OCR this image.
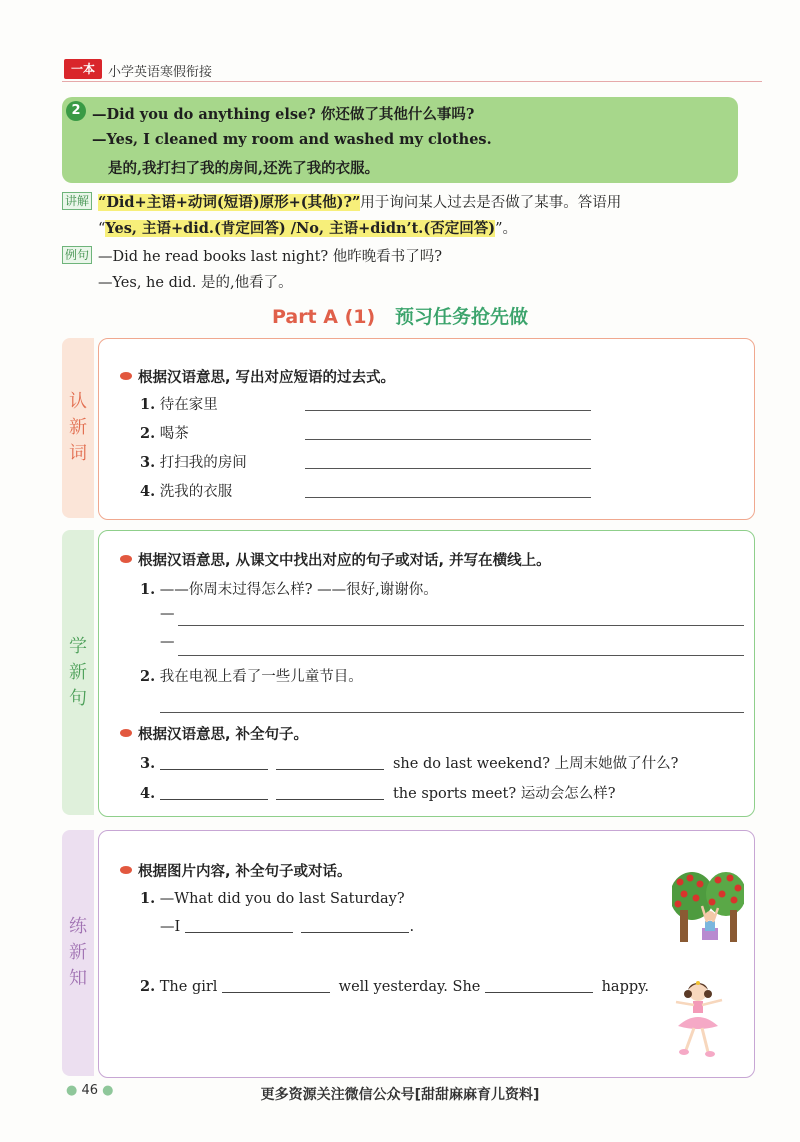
一本	小学英语寒假衔接
2 —Did you do anything else? 你还做了其他什么事吗?
—Yes, I cleaned my room and washed my clothes.
是的,我打扫了我的房间,还洗了我的衣服。
讲解 “Did+主语+动词(短语)原形+(其他)?”用于询问某人过去是否做了某事。答语用
“Yes, 主语+did.(肯定回答) /No, 主语+didn’t.(否定回答)”。
例句 —Did he read books last night? 他昨晚看书了吗?
—Yes, he did. 是的,他看了。
Part A (1) 预习任务抢先做
认新词
根据汉语意思, 写出对应短语的过去式。
1. 待在家里
2. 喝茶
3. 打扫我的房间
4. 洗我的衣服
学新句
根据汉语意思, 从课文中找出对应的句子或对话, 并写在横线上。
1. ——你周末过得怎么样? ——很好,谢谢你。
—
—
2. 我在电视上看了一些儿童节目。
根据汉语意思, 补全句子。
3.	she do last weekend? 上周末她做了什么?
4.	the sports meet? 运动会怎么样?
练新知
根据图片内容, 补全句子或对话。
1. —What did you do last Saturday?
—I	.
2. The girl	well yesterday. She	happy.
● 46 ●	更多资源关注微信公众号[甜甜麻麻育儿资料]
